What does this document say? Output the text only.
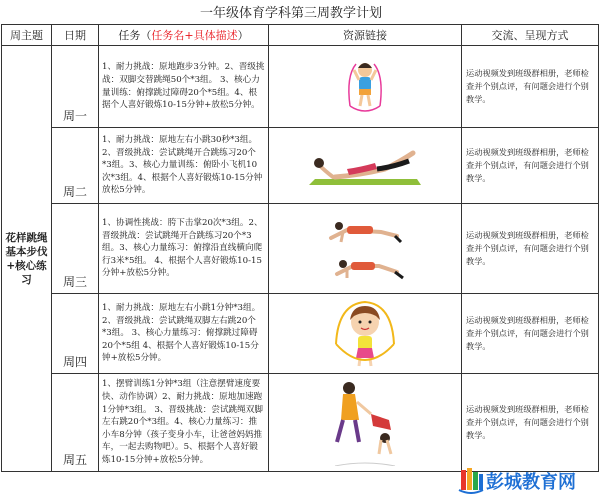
一年级体育学科第三周教学计划
周主题	日期	任务（任务名+具体描述）	资源链接	交流、呈现方式
花样跳绳基本步伐+核心练习	周一	1、耐力挑战：原地跑步3分钟。2、晋级挑战：双脚交替跳绳50个*3组。 3、核心力量训练：俯撑跳过障碍20个*5组。4、根据个人喜好锻炼10-15分钟+放松5分钟。		运动视频发到班级群相册，老师检查并个别点评，有问题会进行个别教学。

	周二	1、耐力挑战：原地左右小跳30秒*3组。2、晋级挑战：尝试跳绳开合跳练习20个*3组。3、核心力量训练：俯卧小飞机10次*3组。4、根据个人喜好锻炼10-15分钟放松5分钟。		运动视频发到班级群相册，老师检查并个别点评，有问题会进行个别教学。

	周三	1、协调性挑战：胯下击掌20次*3组。2、晋级挑战：尝试跳绳开合跳练习20个*3组。3、核心力量练习：俯撑沿直线横向爬行3米*5组。 4、根据个人喜好锻炼10-15分钟+放松5分钟。		运动视频发到班级群相册，老师检查并个别点评，有问题会进行个别教学。

	周四	1、耐力挑战：原地左右小跳1分钟*3组。 2、晋级挑战：尝试跳绳双脚左右跳20个*3组。 3、核心力量练习：俯撑跳过障碍20个*5组 4、根据个人喜好锻炼10-15分钟+放松5分钟。		运动视频发到班级群相册，老师检查并个别点评，有问题会进行个别教学。

	周五	1、摆臂训练1分钟*3组（注意摆臂速度要快、动作协调）2、耐力挑战：原地加速跑1分钟*3组。 3、晋级挑战：尝试跳绳双脚左右跳20个*3组。4、核心力量练习：推小车8分钟（孩子变身小车，让爸爸妈妈推车，一起去购物吧）。5、根据个人喜好锻炼10-15分钟+放松5分钟。		运动视频发到班级群相册，老师检查并个别点评，有问题会进行个别教学。
彭城教育网
